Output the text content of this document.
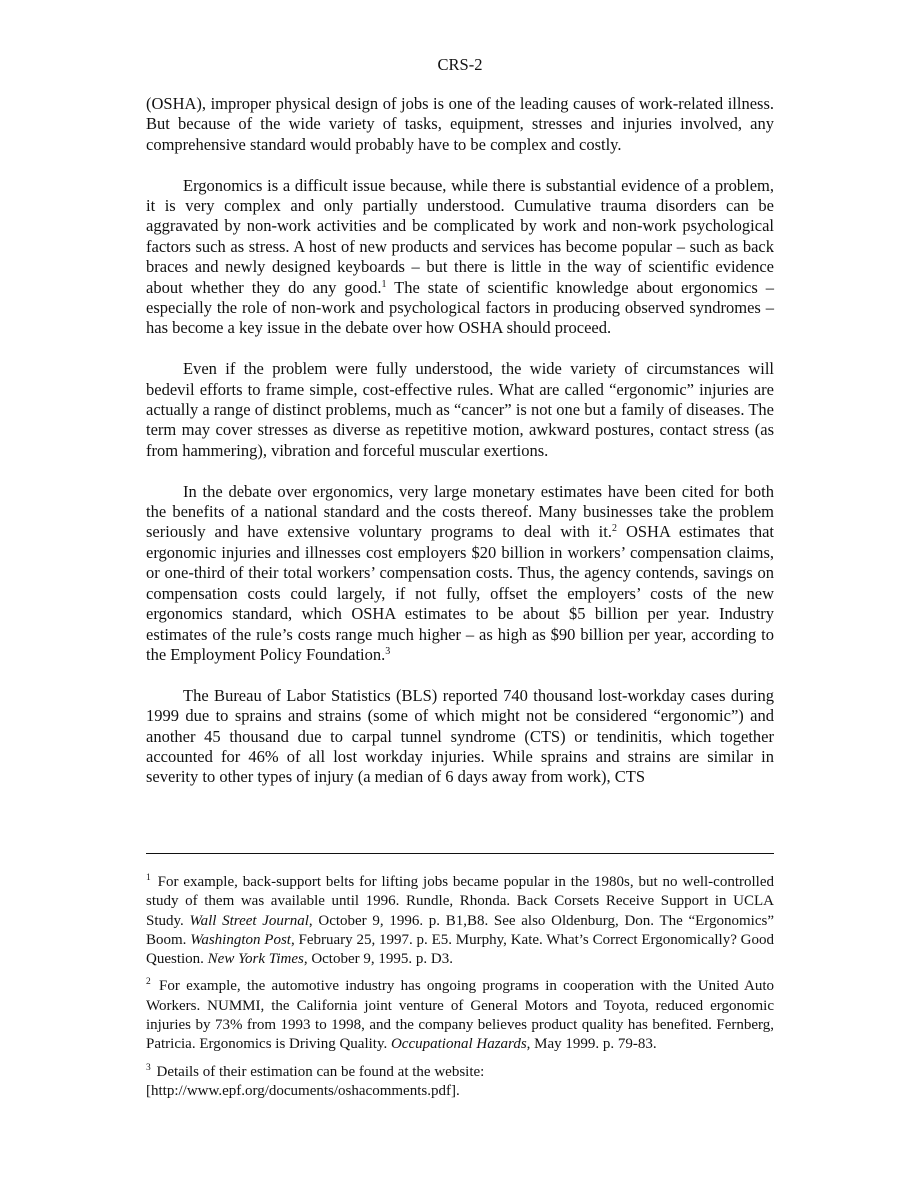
CRS-2

(OSHA), improper physical design of jobs is one of the leading causes of work-related illness. But because of the wide variety of tasks, equipment, stresses and injuries involved, any comprehensive standard would probably have to be complex and costly.

Ergonomics is a difficult issue because, while there is substantial evidence of a problem, it is very complex and only partially understood. Cumulative trauma disorders can be aggravated by non-work activities and be complicated by work and non-work psychological factors such as stress. A host of new products and services has become popular – such as back braces and newly designed keyboards – but there is little in the way of scientific evidence about whether they do any good.$^1$ The state of scientific knowledge about ergonomics – especially the role of non-work and psychological factors in producing observed syndromes – has become a key issue in the debate over how OSHA should proceed.

Even if the problem were fully understood, the wide variety of circumstances will bedevil efforts to frame simple, cost-effective rules. What are called “ergonomic” injuries are actually a range of distinct problems, much as “cancer” is not one but a family of diseases. The term may cover stresses as diverse as repetitive motion, awkward postures, contact stress (as from hammering), vibration and forceful muscular exertions.

In the debate over ergonomics, very large monetary estimates have been cited for both the benefits of a national standard and the costs thereof. Many businesses take the problem seriously and have extensive voluntary programs to deal with it.$^2$ OSHA estimates that ergonomic injuries and illnesses cost employers $20 billion in workers’ compensation claims, or one-third of their total workers’ compensation costs. Thus, the agency contends, savings on compensation costs could largely, if not fully, offset the employers’ costs of the new ergonomics standard, which OSHA estimates to be about $5 billion per year. Industry estimates of the rule’s costs range much higher – as high as $90 billion per year, according to the Employment Policy Foundation.$^3$

The Bureau of Labor Statistics (BLS) reported 740 thousand lost-workday cases during 1999 due to sprains and strains (some of which might not be considered “ergonomic”) and another 45 thousand due to carpal tunnel syndrome (CTS) or tendinitis, which together accounted for 46% of all lost workday injuries. While sprains and strains are similar in severity to other types of injury (a median of 6 days away from work), CTS

$^1$ For example, back-support belts for lifting jobs became popular in the 1980s, but no well-controlled study of them was available until 1996. Rundle, Rhonda. Back Corsets Receive Support in UCLA Study. Wall Street Journal, October 9, 1996. p. B1,B8. See also Oldenburg, Don. The “Ergonomics” Boom. Washington Post, February 25, 1997. p. E5. Murphy, Kate. What’s Correct Ergonomically? Good Question. New York Times, October 9, 1995. p. D3.

$^2$ For example, the automotive industry has ongoing programs in cooperation with the United Auto Workers. NUMMI, the California joint venture of General Motors and Toyota, reduced ergonomic injuries by 73% from 1993 to 1998, and the company believes product quality has benefited. Fernberg, Patricia. Ergonomics is Driving Quality. Occupational Hazards, May 1999. p. 79-83.

$^3$ Details of their estimation can be found at the website:
[http://www.epf.org/documents/oshacomments.pdf].
